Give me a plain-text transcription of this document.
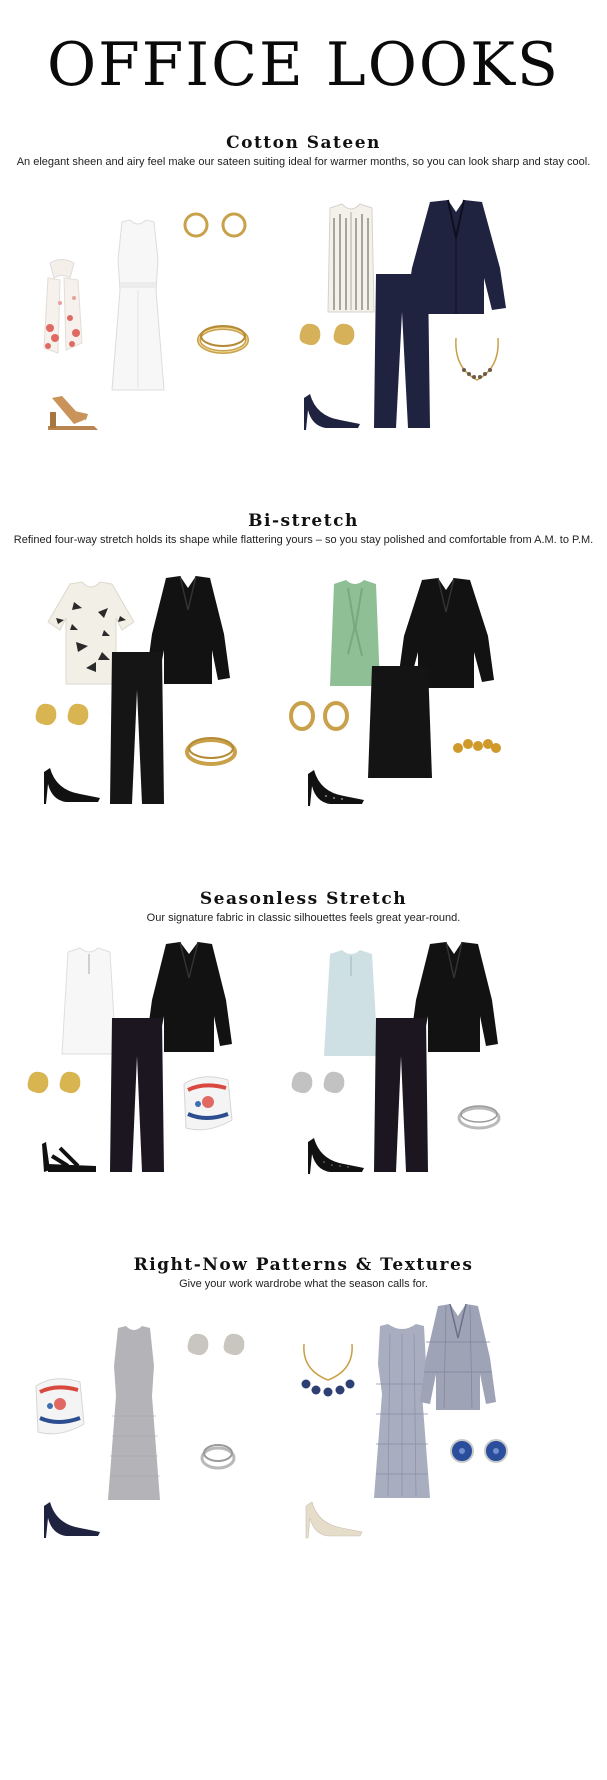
OFFICE LOOKS
Cotton Sateen

An elegant sheen and airy feel make our sateen suiting ideal for warmer months, so you can look sharp and stay cool.

Bi-stretch

Refined four-way stretch holds its shape while flattering yours – so you stay polished and comfortable from A.M. to P.M.

Seasonless Stretch

Our signature fabric in classic silhouettes feels great year-round.

Right-Now Patterns & Textures

Give your work wardrobe what the season calls for.
